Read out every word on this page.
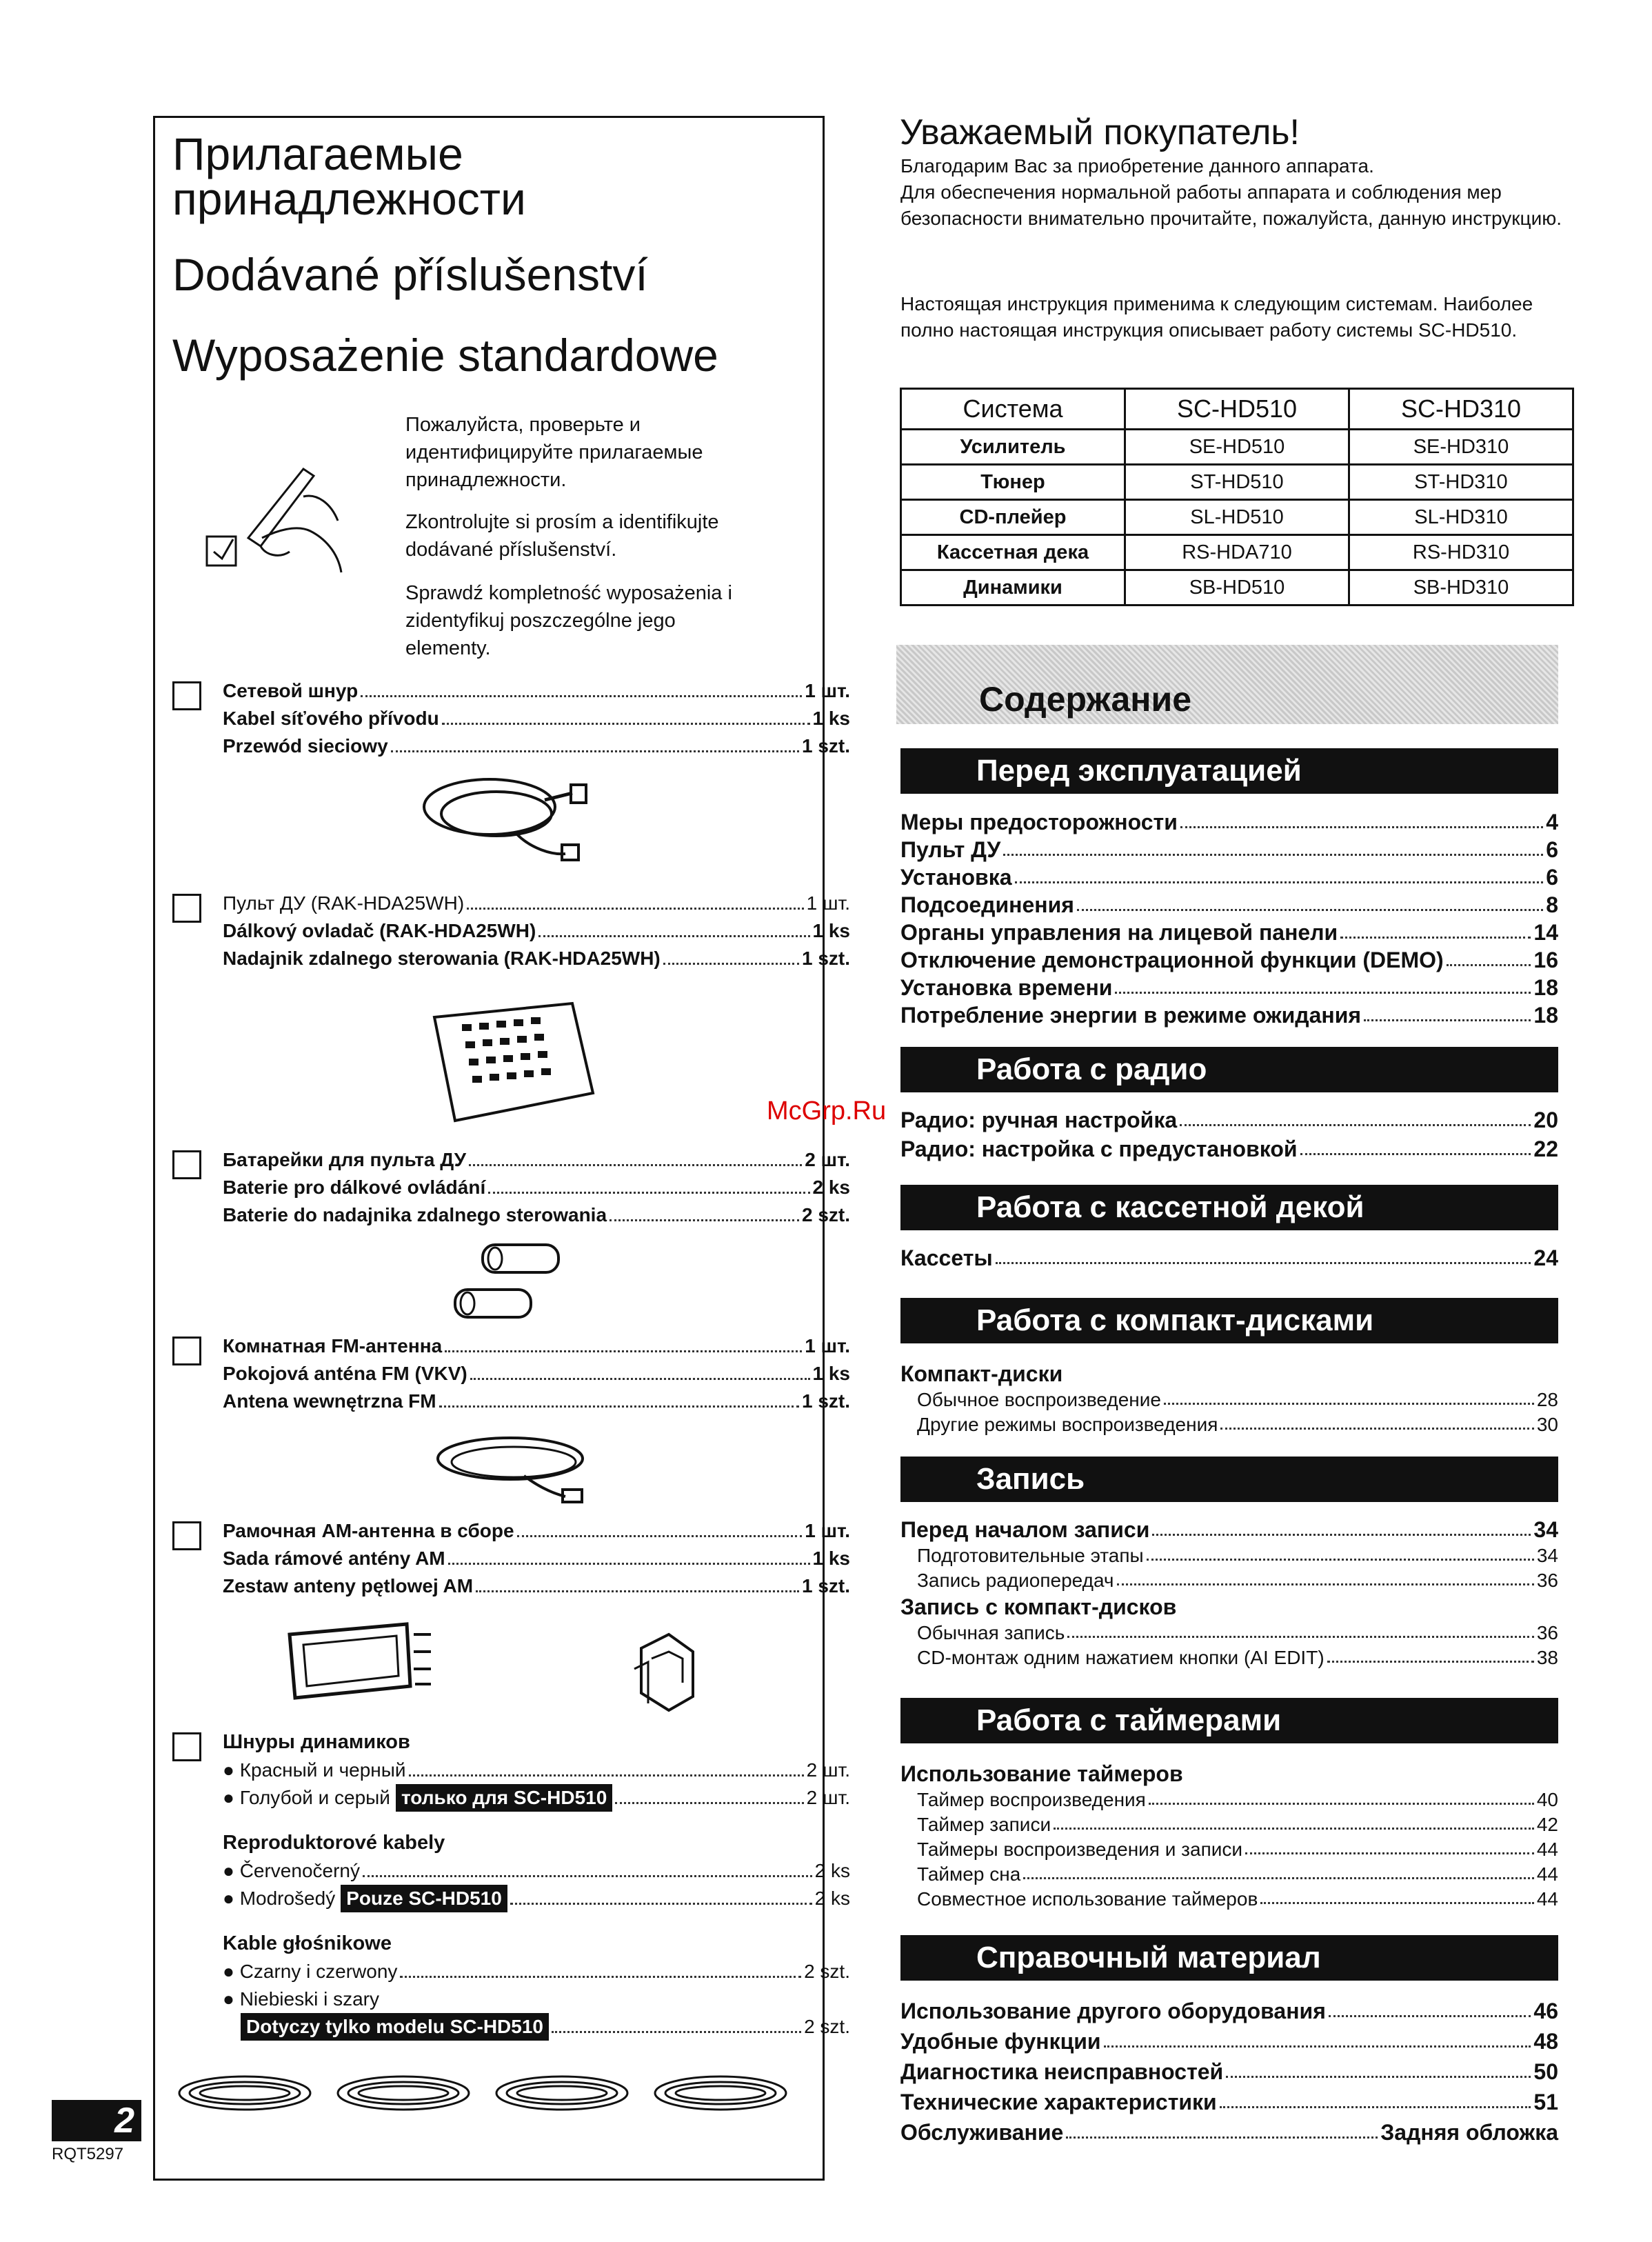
Прилагаемые
принадлежности
Dodávané příslušenství
Wyposażenie standardowe
Пожалуйста, проверьте и идентифицируйте прилагаемые принадлежности.
Zkontrolujte si prosím a identifikujte dodávané příslušenství.
Sprawdź kompletność wyposażenia i zidentyfikuj poszczególne jego elementy.
Сетевой шнур	1 шт.
Kabel síťového přívodu	1 ks
Przewód sieciowy	1 szt.
Пульт ДУ (RAK-HDA25WH)	1 шт.
Dálkový ovladač (RAK-HDA25WH)	1 ks
Nadajnik zdalnego sterowania (RAK-HDA25WH)	1 szt.
Батарейки для пульта ДУ	2 шт.
Baterie pro dálkové ovládání	2 ks
Baterie do nadajnika zdalnego sterowania	2 szt.
Комнатная FM-антенна	1 шт.
Pokojová anténa FM (VKV)	1 ks
Antena wewnętrzna FM	1 szt.
Рамочная AM-антенна в сборе	1 шт.
Sada rámové antény AM	1 ks
Zestaw anteny pętlowej AM	1 szt.
Шнуры динамиков
● Красный и черный	2 шт.
● Голубой и серый только для SC-HD510	2 шт.
Reproduktorové kabely
● Červenočerný	2 ks
● Modrošedý Pouze SC-HD510	2 ks
Kable głośnikowe
● Czarny i czerwony	2 szt.
● Niebieski i szary
Dotyczy tylko modelu SC-HD510	2 szt.
2
RQT5297
Уважаемый покупатель!
Благодарим Вас за приобретение данного аппарата.
Для обеспечения нормальной работы аппарата и соблюдения мер безопасности внимательно прочитайте, пожалуйста, данную инструкцию.
Настоящая инструкция применима к следующим системам. Наиболее полно настоящая инструкция описывает работу системы SC-HD510.
Система	SC-HD510	SC-HD310
Усилитель	SE-HD510	SE-HD310
Тюнер	ST-HD510	ST-HD310
CD-плейер	SL-HD510	SL-HD310
Кассетная дека	RS-HDA710	RS-HD310
Динамики	SB-HD510	SB-HD310
Содержание
Перед эксплуатацией
Меры предосторожности	4
Пульт ДУ	6
Установка	6
Подсоединения	8
Органы управления на лицевой панели	14
Отключение демонстрационной функции (DEMO)	16
Установка времени	18
Потребление энергии в режиме ожидания	18
Работа с радио
Радио: ручная настройка	20
Радио: настройка с предустановкой	22
Работа с кассетной декой
Кассеты	24
Работа с компакт-дисками
Компакт-диски
Обычное воспроизведение	28
Другие режимы воспроизведения	30
Запись
Перед началом записи	34
Подготовительные этапы	34
Запись радиопередач	36
Запись с компакт-дисков
Обычная запись	36
CD-монтаж одним нажатием кнопки (AI EDIT)	38
Работа с таймерами
Использование таймеров
Таймер воспроизведения	40
Таймер записи	42
Таймеры воспроизведения и записи	44
Таймер сна	44
Совместное использование таймеров	44
Справочный материал
Использование другого оборудования	46
Удобные функции	48
Диагностика неисправностей	50
Технические характеристики	51
Обслуживание	Задняя обложка
McGrp.Ru
